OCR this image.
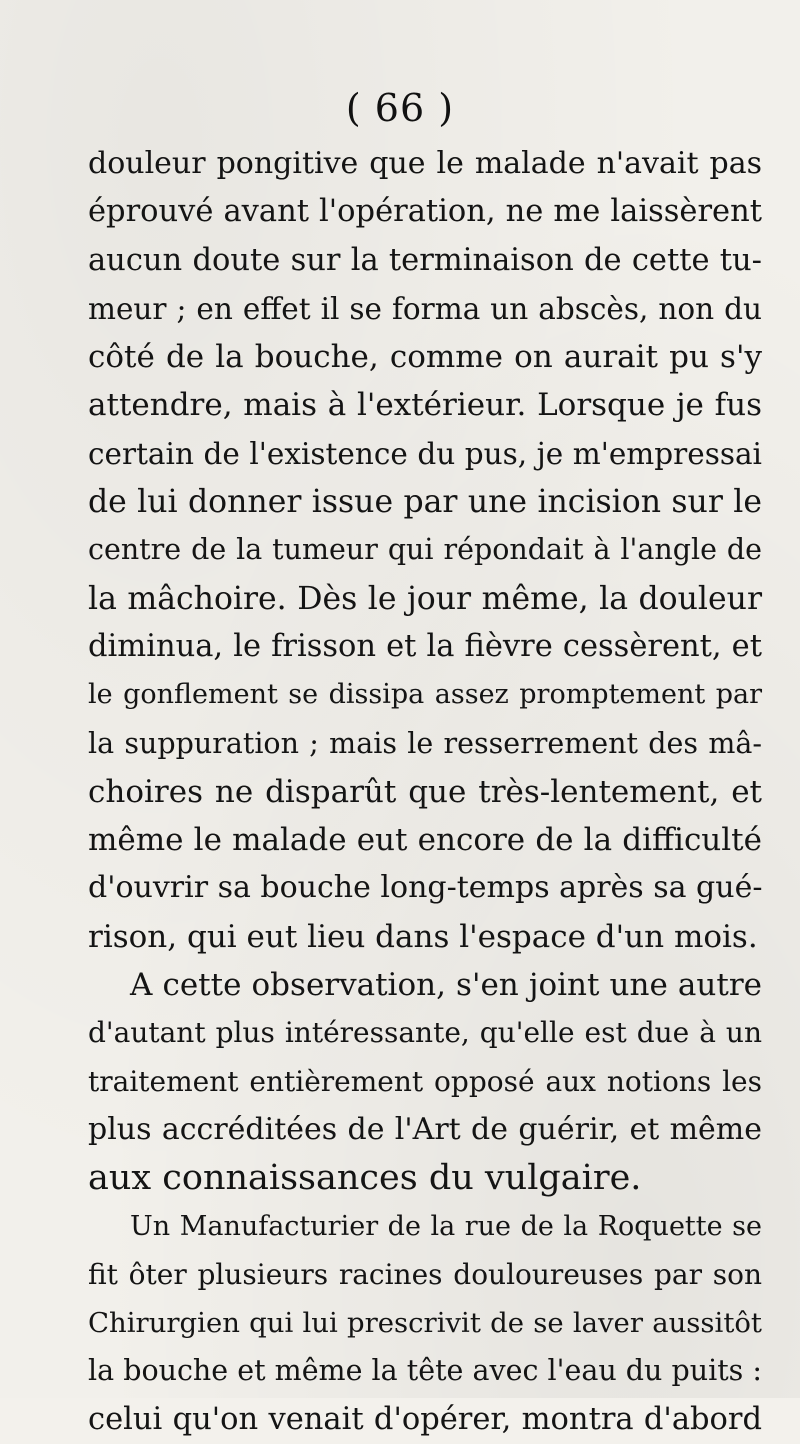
( 66 )
douleur pongitive que le malade n'avait pas
éprouvé avant l'opération, ne me laissèrent
aucun doute sur la terminaison de cette tu-
meur ; en effet il se forma un abscès, non du
côté de la bouche, comme on aurait pu s'y
attendre, mais à l'extérieur. Lorsque je fus
certain de l'existence du pus, je m'empressai
de lui donner issue par une incision sur le
centre de la tumeur qui répondait à l'angle de
la mâchoire. Dès le jour même, la douleur
diminua, le frisson et la fièvre cessèrent, et
le gonflement se dissipa assez promptement par
la suppuration ; mais le resserrement des mâ-
choires ne disparût que très-lentement, et
même le malade eut encore de la difficulté
d'ouvrir sa bouche long-temps après sa gué-
rison, qui eut lieu dans l'espace d'un mois.
A cette observation, s'en joint une autre
d'autant plus intéressante, qu'elle est due à un
traitement entièrement opposé aux notions les
plus accréditées de l'Art de guérir, et même
aux connaissances du vulgaire.
Un Manufacturier de la rue de la Roquette se
fit ôter plusieurs racines douloureuses par son
Chirurgien qui lui prescrivit de se laver aussitôt
la bouche et même la tête avec l'eau du puits :
celui qu'on venait d'opérer, montra d'abord
